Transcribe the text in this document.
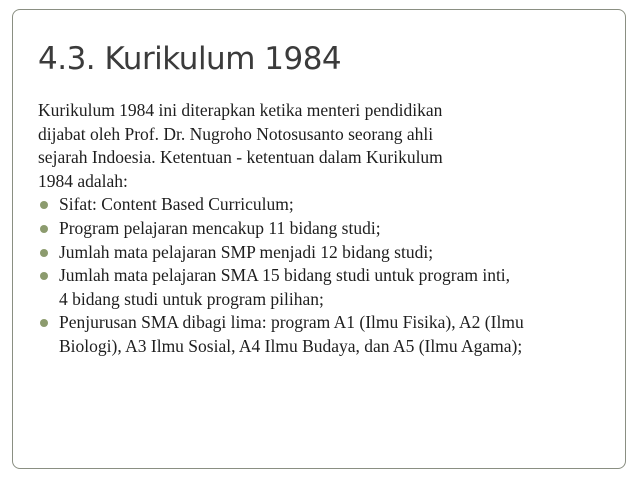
4.3. Kurikulum 1984

Kurikulum 1984 ini diterapkan ketika menteri pendidikan

dijabat oleh Prof. Dr. Nugroho Notosusanto seorang ahli

sejarah Indoesia. Ketentuan - ketentuan dalam Kurikulum

1984 adalah:

Sifat: Content Based Curriculum;
Program pelajaran mencakup 11 bidang studi;
Jumlah mata pelajaran SMP menjadi 12 bidang studi;
Jumlah mata pelajaran SMA 15 bidang studi untuk program inti,
4 bidang studi untuk program pilihan;
Penjurusan SMA dibagi lima: program A1 (Ilmu Fisika), A2 (Ilmu
Biologi), A3 Ilmu Sosial, A4 Ilmu Budaya, dan A5 (Ilmu Agama);
